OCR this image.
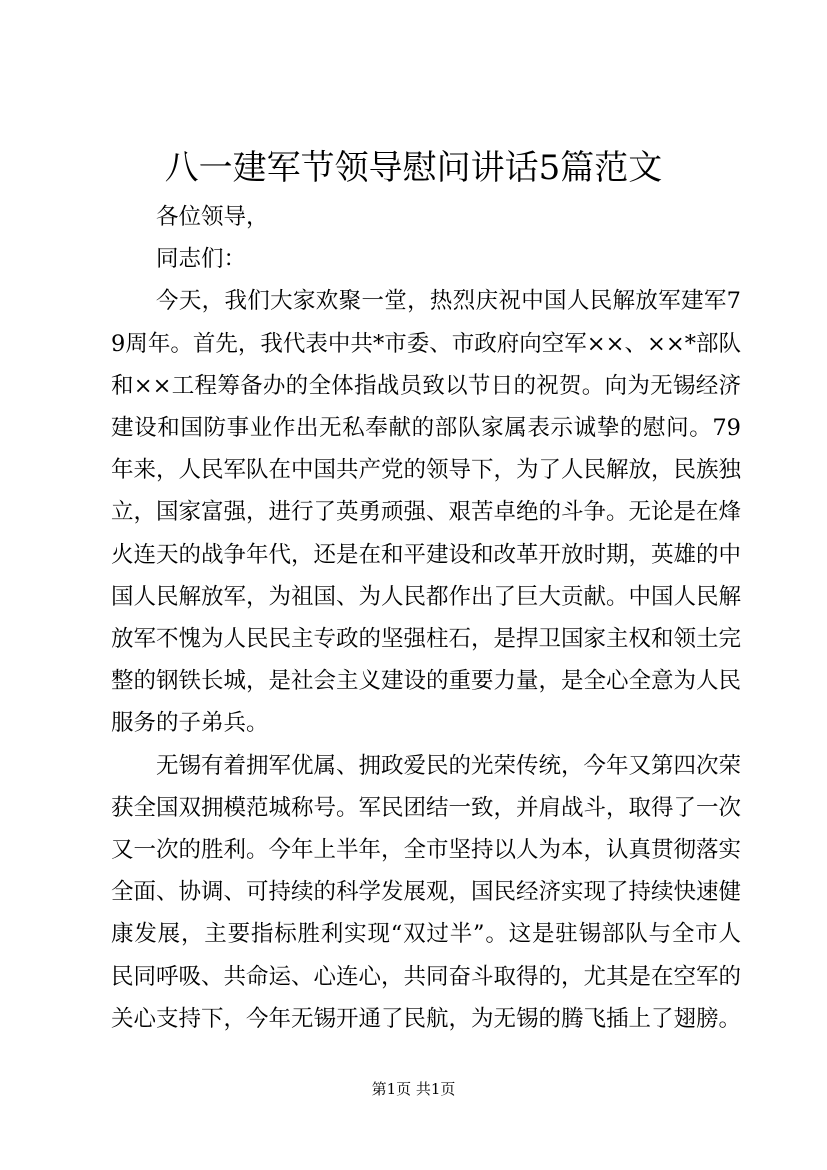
八一建军节领导慰问讲话5篇范文

各位领导，

同志们：

今天，我们大家欢聚一堂，热烈庆祝中国人民解放军建军79周年。首先，我代表中共*市委、市政府向空军××、××*部队和××工程筹备办的全体指战员致以节日的祝贺。向为无锡经济建设和国防事业作出无私奉献的部队家属表示诚挚的慰问。79年来，人民军队在中国共产党的领导下，为了人民解放，民族独立，国家富强，进行了英勇顽强、艰苦卓绝的斗争。无论是在烽火连天的战争年代，还是在和平建设和改革开放时期，英雄的中国人民解放军，为祖国、为人民都作出了巨大贡献。中国人民解放军不愧为人民民主专政的坚强柱石，是捍卫国家主权和领土完整的钢铁长城，是社会主义建设的重要力量，是全心全意为人民服务的子弟兵。

无锡有着拥军优属、拥政爱民的光荣传统，今年又第四次荣获全国双拥模范城称号。军民团结一致，并肩战斗，取得了一次又一次的胜利。今年上半年，全市坚持以人为本，认真贯彻落实全面、协调、可持续的科学发展观，国民经济实现了持续快速健康发展，主要指标胜利实现“双过半”。这是驻锡部队与全市人民同呼吸、共命运、心连心，共同奋斗取得的，尤其是在空军的关心支持下，今年无锡开通了民航，为无锡的腾飞插上了翅膀。

第1页 共1页
